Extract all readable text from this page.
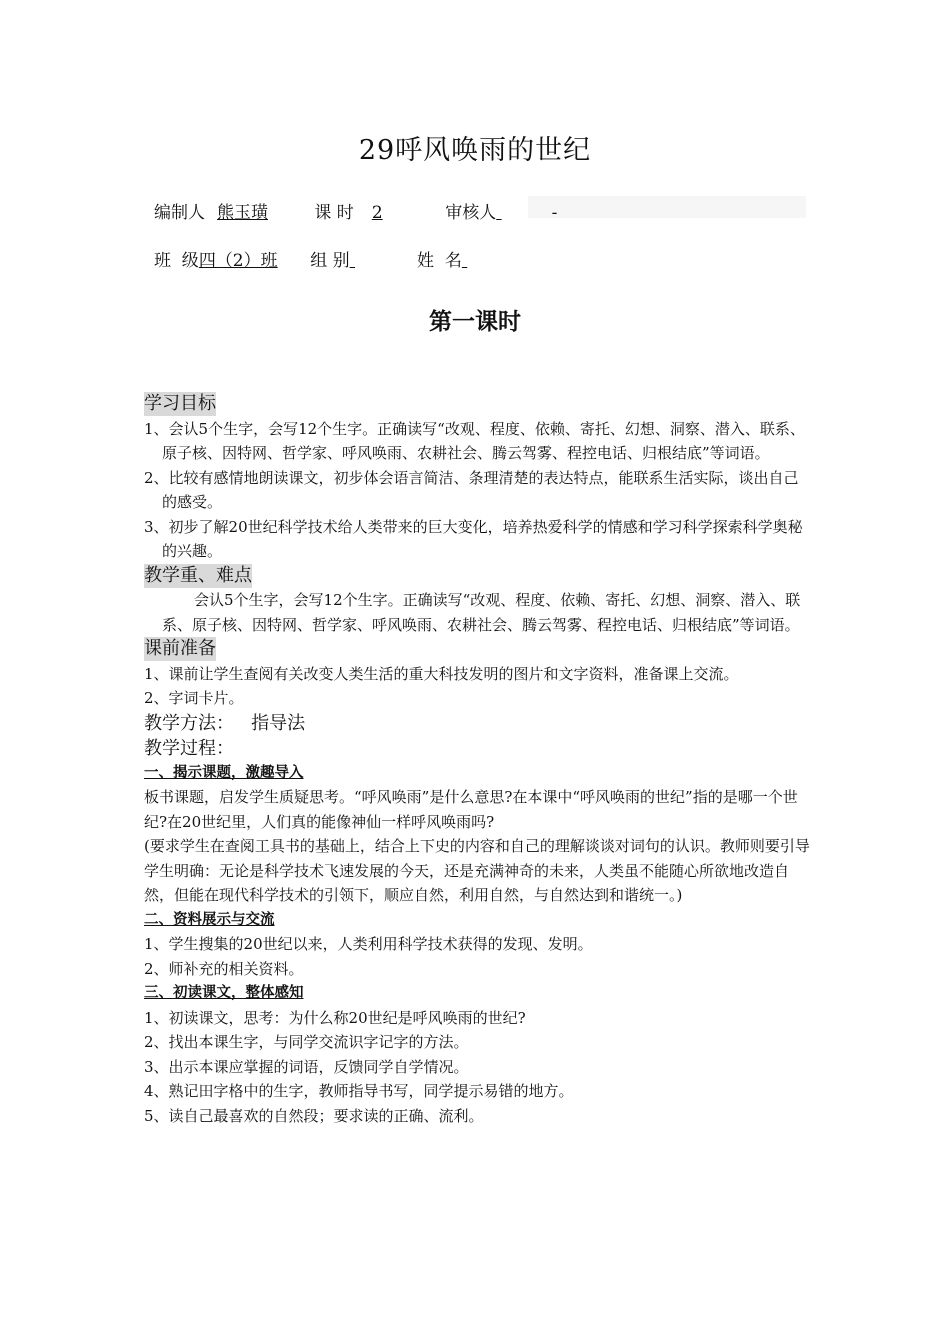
29呼风唤雨的世纪
编制人 熊玉璜	课 时 2	审核人	-
班  级四（2）班 组 别	姓  名
第一课时
学习目标
1、会认5个生字，会写12个生字。正确读写“改观、程度、依赖、寄托、幻想、洞察、潜入、联系、原子核、因特网、哲学家、呼风唤雨、农耕社会、腾云驾雾、程控电话、归根结底”等词语。
2、比较有感情地朗读课文，初步体会语言简洁、条理清楚的表达特点，能联系生活实际，谈出自己的感受。
3、初步了解20世纪科学技术给人类带来的巨大变化，培养热爱科学的情感和学习科学探索科学奥秘的兴趣。
教学重、难点
会认5个生字，会写12个生字。正确读写“改观、程度、依赖、寄托、幻想、洞察、潜入、联系、原子核、因特网、哲学家、呼风唤雨、农耕社会、腾云驾雾、程控电话、归根结底”等词语。
课前准备
1、课前让学生查阅有关改变人类生活的重大科技发明的图片和文字资料，准备课上交流。
2、字词卡片。
教学方法：   指导法
教学过程：
一、揭示课题，激趣导入
板书课题，启发学生质疑思考。“呼风唤雨”是什么意思?在本课中“呼风唤雨的世纪”指的是哪一个世纪?在20世纪里，人们真的能像神仙一样呼风唤雨吗?
(要求学生在查阅工具书的基础上，结合上下史的内容和自己的理解谈谈对词句的认识。教师则要引导学生明确：无论是科学技术飞速发展的今天，还是充满神奇的未来，人类虽不能随心所欲地改造自然，但能在现代科学技术的引领下，顺应自然，利用自然，与自然达到和谐统一。)
二、资料展示与交流
1、学生搜集的20世纪以来，人类利用科学技术获得的发现、发明。
2、师补充的相关资料。
三、初读课文，整体感知
1、初读课文，思考：为什么称20世纪是呼风唤雨的世纪?
2、找出本课生字，与同学交流识字记字的方法。
3、出示本课应掌握的词语，反馈同学自学情况。
4、熟记田字格中的生字，教师指导书写，同学提示易错的地方。
5、读自己最喜欢的自然段；要求读的正确、流利。
